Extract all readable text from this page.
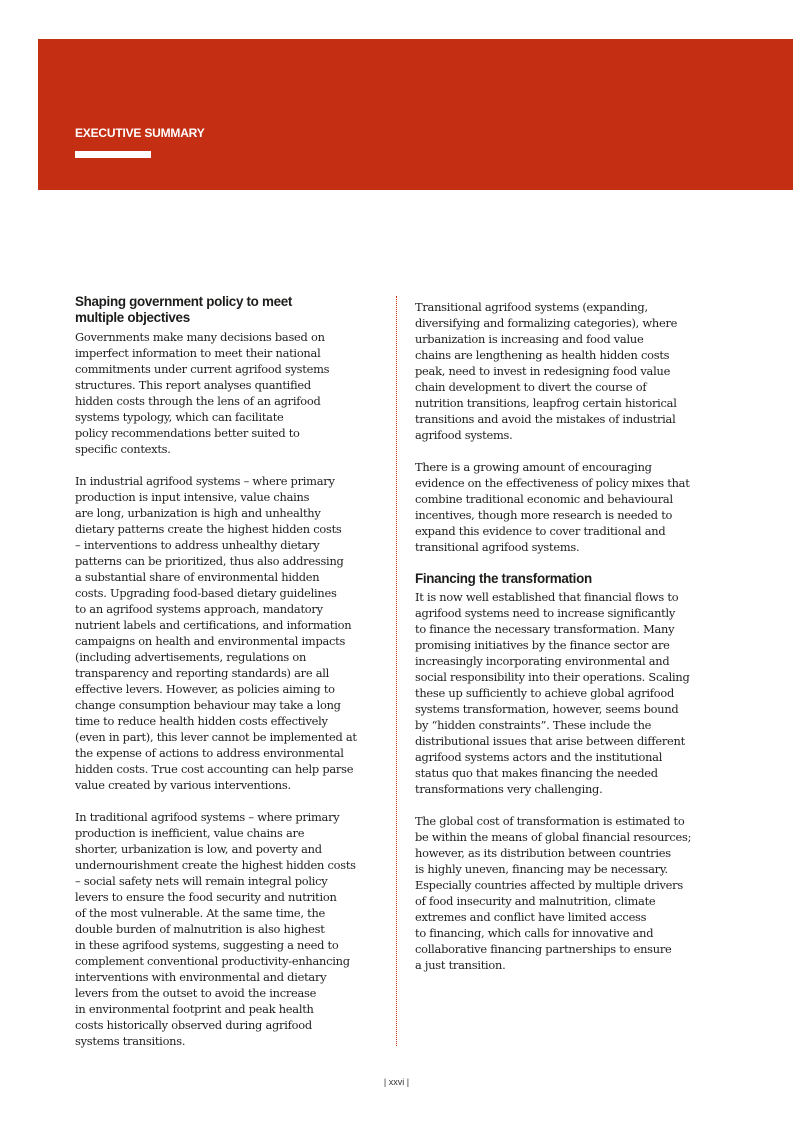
EXECUTIVE SUMMARY
Shaping government policy to meet
multiple objectives

Governments make many decisions based on
imperfect information to meet their national
commitments under current agrifood systems
structures. This report analyses quantified
hidden costs through the lens of an agrifood
systems typology, which can facilitate
policy recommendations better suited to
specific contexts.

In industrial agrifood systems – where primary
production is input intensive, value chains
are long, urbanization is high and unhealthy
dietary patterns create the highest hidden costs
– interventions to address unhealthy dietary
patterns can be prioritized, thus also addressing
a substantial share of environmental hidden
costs. Upgrading food-based dietary guidelines
to an agrifood systems approach, mandatory
nutrient labels and certifications, and information
campaigns on health and environmental impacts
(including advertisements, regulations on
transparency and reporting standards) are all
effective levers. However, as policies aiming to
change consumption behaviour may take a long
time to reduce health hidden costs effectively
(even in part), this lever cannot be implemented at
the expense of actions to address environmental
hidden costs. True cost accounting can help parse
value created by various interventions.

In traditional agrifood systems – where primary
production is inefficient, value chains are
shorter, urbanization is low, and poverty and
undernourishment create the highest hidden costs
– social safety nets will remain integral policy
levers to ensure the food security and nutrition
of the most vulnerable. At the same time, the
double burden of malnutrition is also highest
in these agrifood systems, suggesting a need to
complement conventional productivity-enhancing
interventions with environmental and dietary
levers from the outset to avoid the increase
in environmental footprint and peak health
costs historically observed during agrifood
systems transitions.

Transitional agrifood systems (expanding,
diversifying and formalizing categories), where
urbanization is increasing and food value
chains are lengthening as health hidden costs
peak, need to invest in redesigning food value
chain development to divert the course of
nutrition transitions, leapfrog certain historical
transitions and avoid the mistakes of industrial
agrifood systems.

There is a growing amount of encouraging
evidence on the effectiveness of policy mixes that
combine traditional economic and behavioural
incentives, though more research is needed to
expand this evidence to cover traditional and
transitional agrifood systems.

Financing the transformation

It is now well established that financial flows to
agrifood systems need to increase significantly
to finance the necessary transformation. Many
promising initiatives by the finance sector are
increasingly incorporating environmental and
social responsibility into their operations. Scaling
these up sufficiently to achieve global agrifood
systems transformation, however, seems bound
by “hidden constraints”. These include the
distributional issues that arise between different
agrifood systems actors and the institutional
status quo that makes financing the needed
transformations very challenging.

The global cost of transformation is estimated to
be within the means of global financial resources;
however, as its distribution between countries
is highly uneven, financing may be necessary.
Especially countries affected by multiple drivers
of food insecurity and malnutrition, climate
extremes and conflict have limited access
to financing, which calls for innovative and
collaborative financing partnerships to ensure
a just transition.

| xxvi |
